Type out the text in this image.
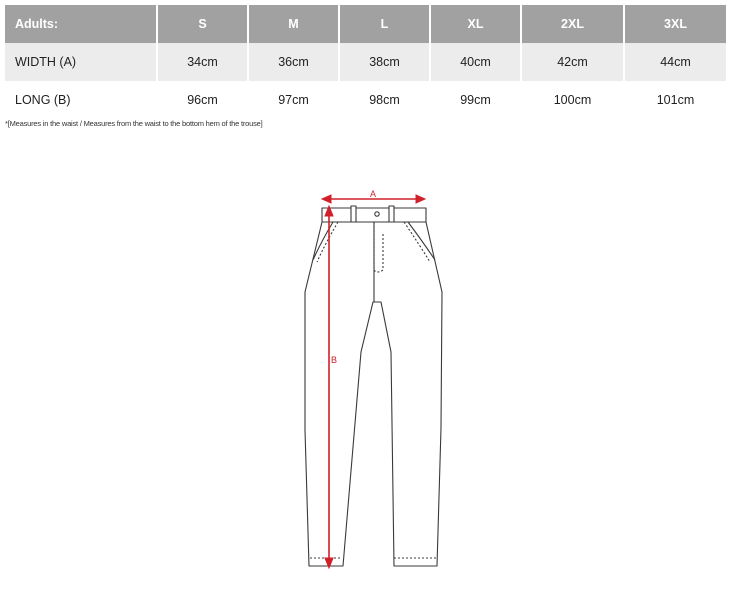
Adults:	S	M	L	XL	2XL	3XL
WIDTH (A)	34cm	36cm	38cm	40cm	42cm	44cm
LONG (B)	96cm	97cm	98cm	99cm	100cm	101cm
*[Measures in the waist / Measures from the waist to the bottom hem of the trouse]
A
B
